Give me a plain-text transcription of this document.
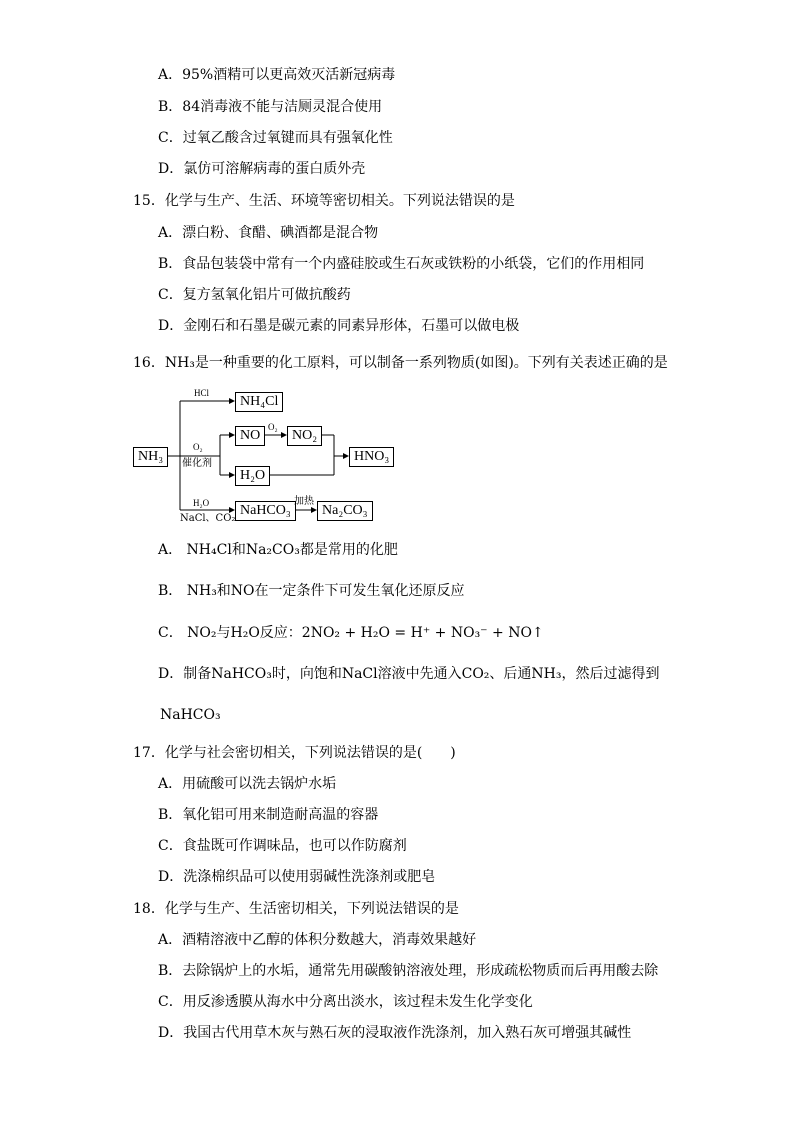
A．95%酒精可以更高效灭活新冠病毒
B．84消毒液不能与洁厕灵混合使用
C．过氧乙酸含过氧键而具有强氧化性
D．氯仿可溶解病毒的蛋白质外壳
15．化学与生产、生活、环境等密切相关。下列说法错误的是
A．漂白粉、食醋、碘酒都是混合物
B．食品包装袋中常有一个内盛硅胶或生石灰或铁粉的小纸袋，它们的作用相同
C．复方氢氧化铝片可做抗酸药
D．金刚石和石墨是碳元素的同素异形体，石墨可以做电极
16．NH₃是一种重要的化工原料，可以制备一系列物质(如图)。下列有关表述正确的是
NH₃
NH₄Cl
NO	NO₂
H₂O
HNO₃
NaHCO₃	Na₂CO₃
HCl
O₂
催化剂
O₂
H₂O
NaCl、CO₂
加热
A． NH₄Cl和Na₂CO₃都是常用的化肥
B． NH₃和NO在一定条件下可发生氧化还原反应
C． NO₂与H₂O反应：2NO₂ + H₂O = H⁺ + NO₃⁻ + NO↑
D．制备NaHCO₃时，向饱和NaCl溶液中先通入CO₂、后通NH₃，然后过滤得到
NaHCO₃
17．化学与社会密切相关，下列说法错误的是(　　)
A．用硫酸可以洗去锅炉水垢
B．氧化铝可用来制造耐高温的容器
C．食盐既可作调味品，也可以作防腐剂
D．洗涤棉织品可以使用弱碱性洗涤剂或肥皂
18．化学与生产、生活密切相关，下列说法错误的是
A．酒精溶液中乙醇的体积分数越大，消毒效果越好
B．去除锅炉上的水垢，通常先用碳酸钠溶液处理，形成疏松物质而后再用酸去除
C．用反渗透膜从海水中分离出淡水，该过程未发生化学变化
D．我国古代用草木灰与熟石灰的浸取液作洗涤剂，加入熟石灰可增强其碱性
